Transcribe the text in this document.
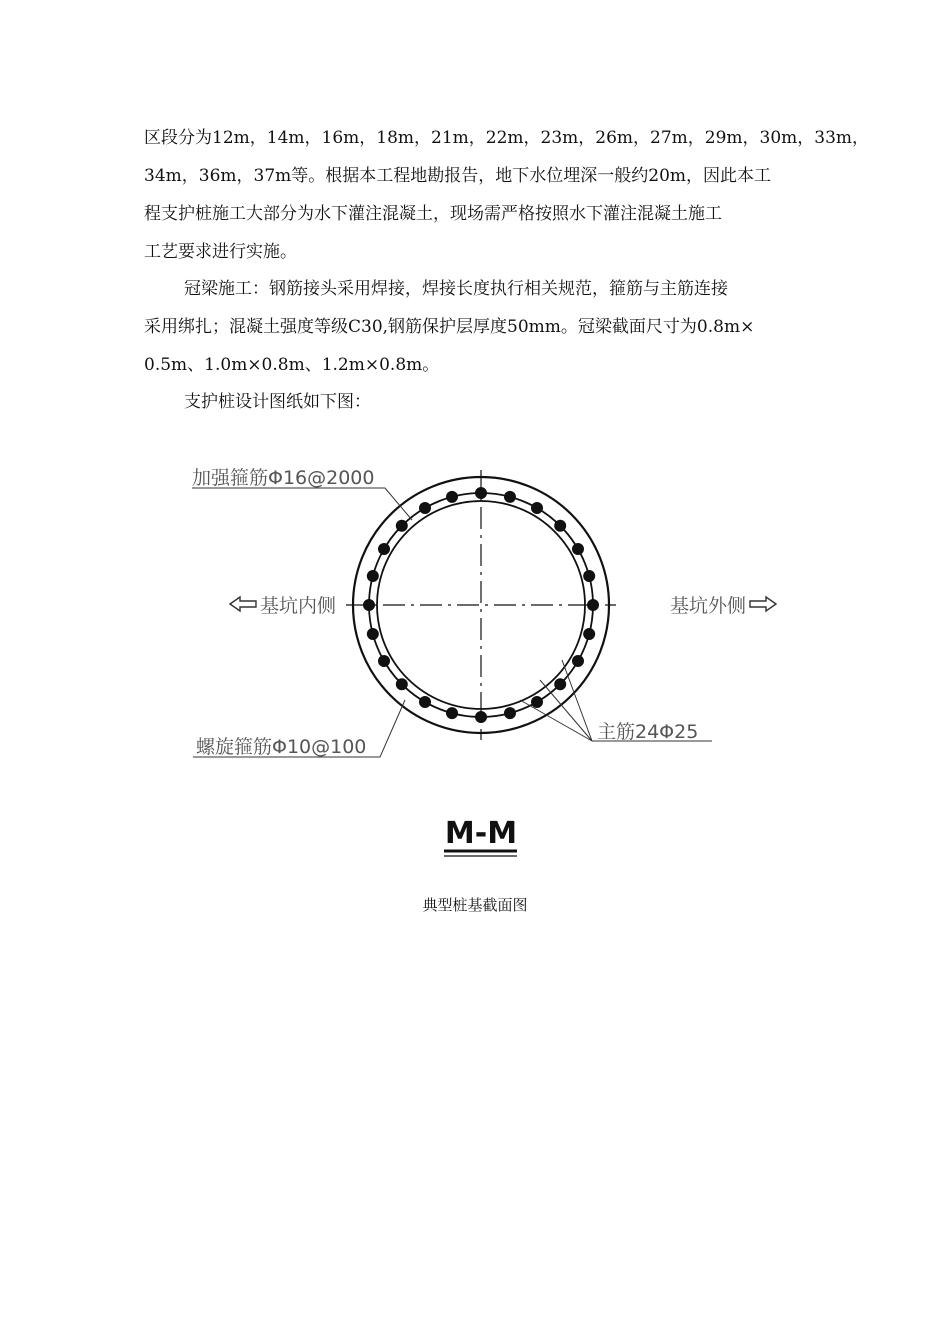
区段分为12m，14m，16m，18m，21m，22m，23m，26m，27m，29m，30m，33m，
34m，36m，37m等。根据本工程地勘报告，地下水位埋深一般约20m，因此本工
程支护桩施工大部分为水下灌注混凝土，现场需严格按照水下灌注混凝土施工
工艺要求进行实施。
冠梁施工：钢筋接头采用焊接，焊接长度执行相关规范，箍筋与主筋连接
采用绑扎；混凝土强度等级C30,钢筋保护层厚度50mm。冠梁截面尺寸为0.8m×
0.5m、1.0m×0.8m、1.2m×0.8m。
支护桩设计图纸如下图：
加强箍筋Φ16@2000
螺旋箍筋Φ10@100
主筋24Φ25
基坑内侧	基坑外侧
M-M
典型桩基截面图
